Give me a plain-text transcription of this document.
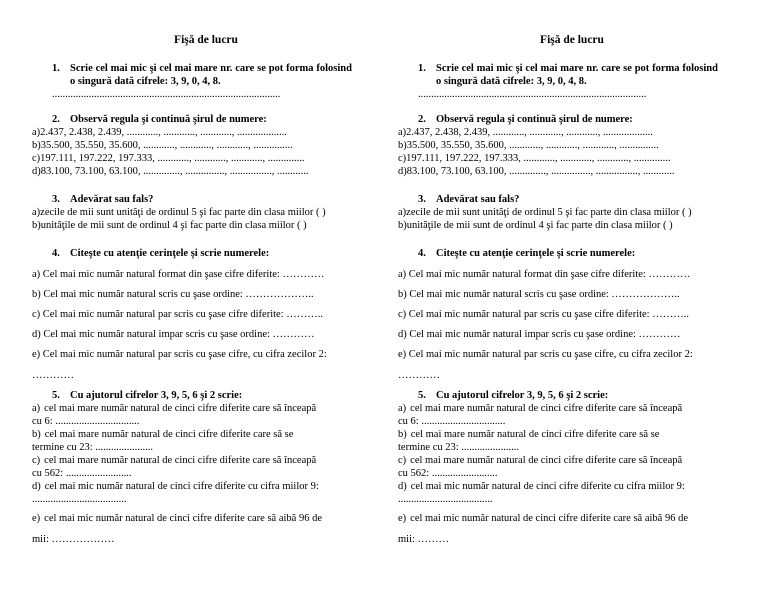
Fişă de lucru
1. Scrie cel mai mic şi cel mai mare nr. care se pot forma folosind o singură dată cifrele: 3, 9, 0, 4, 8.
.......................................................................................
2. Observă regula şi continuă şirul de numere:
a)2.437, 2.438, 2.439, ............, ............, ............, ...................
b)35.500, 35.550, 35.600, ............, ............, ............, ...............
c)197.111, 197.222, 197.333, ............, ............, ............, ..............
d)83.100, 73.100, 63.100, .............., ..............., ................, ............
3. Adevărat sau fals?
a)zecile de mii sunt unităţi de ordinul 5 şi fac parte din clasa miilor ( )
b)unităţile de mii sunt de ordinul 4 şi fac parte din clasa miilor ( )
4. Citeşte cu atenţie cerinţele şi scrie numerele:
a) Cel mai mic număr natural format din şase cifre diferite: …………
b) Cel mai mic număr natural scris cu şase ordine: ………………..
c) Cel mai mic număr natural par scris cu şase cifre diferite: ………..
d) Cel mai mic număr natural impar scris cu şase ordine: …………
e) Cel mai mic număr natural par scris cu şase cifre, cu cifra zecilor 2:
…………
5. Cu ajutorul cifrelor 3, 9, 5, 6 şi 2 scrie:
a) cel mai mare număr natural de cinci cifre diferite care să înceapă
cu 6: ................................
b) cel mai mare număr natural de cinci cifre diferite care să se
termine cu 23: ......................
c) cel mai mare număr natural de cinci cifre diferite care să înceapă
cu 562: .........................
d) cel mai mic număr natural de cinci cifre diferite cu cifra miilor 9:
....................................
e) cel mai mic număr natural de cinci cifre diferite care să aibă 96 de
mii: ………………
Fişă de lucru
1. Scrie cel mai mic şi cel mai mare nr. care se pot forma folosind o singură dată cifrele: 3, 9, 0, 4, 8.
.......................................................................................
2. Observă regula şi continuă şirul de numere:
a)2.437, 2.438, 2.439, ............, ............, ............, ...................
b)35.500, 35.550, 35.600, ............, ............, ............, ...............
c)197.111, 197.222, 197.333, ............, ............, ............, ..............
d)83.100, 73.100, 63.100, .............., ..............., ................, ............
3. Adevărat sau fals?
a)zecile de mii sunt unităţi de ordinul 5 şi fac parte din clasa miilor ( )
b)unităţile de mii sunt de ordinul 4 şi fac parte din clasa miilor ( )
4. Citeşte cu atenţie cerinţele şi scrie numerele:
a) Cel mai mic număr natural format din şase cifre diferite: …………
b) Cel mai mic număr natural scris cu şase ordine: ………………..
c) Cel mai mic număr natural par scris cu şase cifre diferite: ………..
d) Cel mai mic număr natural impar scris cu şase ordine: …………
e) Cel mai mic număr natural par scris cu şase cifre, cu cifra zecilor 2:
…………
5. Cu ajutorul cifrelor 3, 9, 5, 6 şi 2 scrie:
a) cel mai mare număr natural de cinci cifre diferite care să înceapă
cu 6: ................................
b) cel mai mare număr natural de cinci cifre diferite care să se
termine cu 23: ......................
c) cel mai mare număr natural de cinci cifre diferite care să înceapă
cu 562: .........................
d) cel mai mic număr natural de cinci cifre diferite cu cifra miilor 9:
....................................
e) cel mai mic număr natural de cinci cifre diferite care să aibă 96 de
mii: ………
